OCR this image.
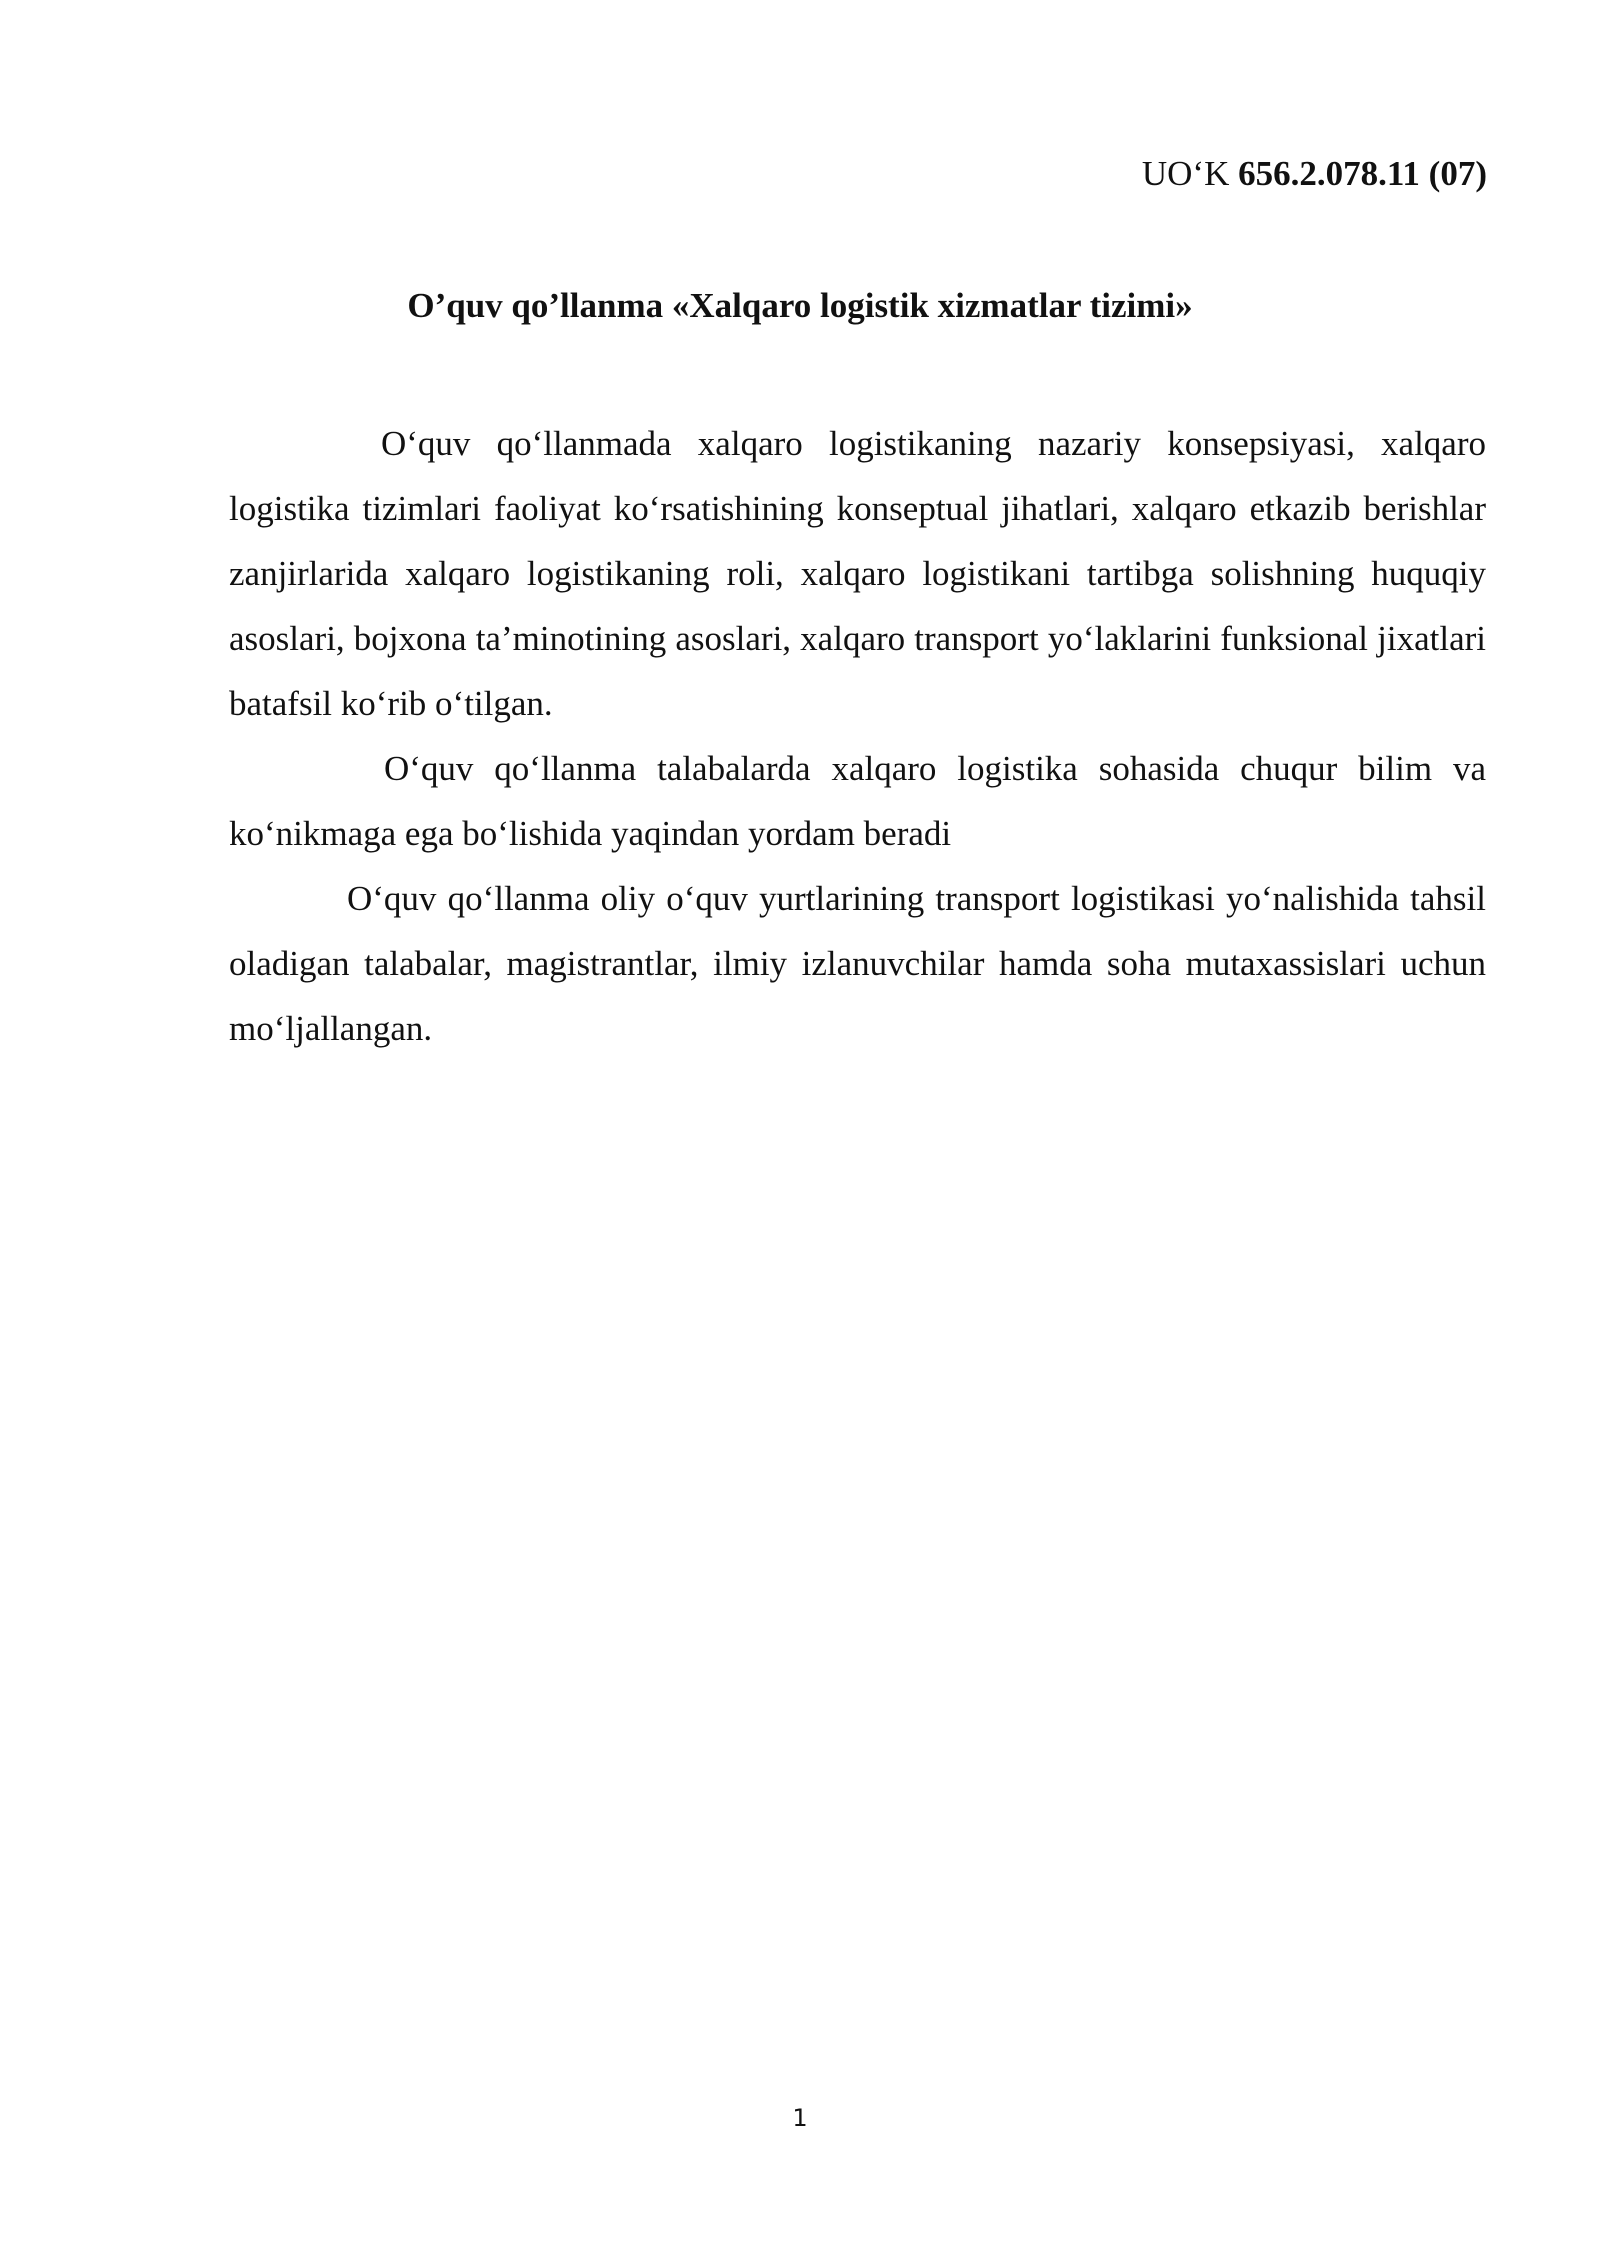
UO‘K 656.2.078.11 (07)
O’quv qo’llanma «Xalqaro logistik xizmatlar tizimi»

O‘quv qo‘llanmada xalqaro logistikaning nazariy konsepsiyasi, xalqaro logistika tizimlari faoliyat ko‘rsatishining konseptual jihatlari, xalqaro etkazib berishlar zanjirlarida xalqaro logistikaning roli, xalqaro logistikani tartibga solishning huquqiy asoslari, bojxona ta’minotining asoslari, xalqaro transport yo‘laklarini funksional jixatlari batafsil ko‘rib o‘tilgan.

O‘quv qo‘llanma talabalarda xalqaro logistika sohasida chuqur bilim va ko‘nikmaga ega bo‘lishida yaqindan yordam beradi

O‘quv qo‘llanma oliy o‘quv yurtlarining transport logistikasi yo‘nalishida tahsil oladigan talabalar, magistrantlar, ilmiy izlanuvchilar hamda soha mutaxassislari uchun mo‘ljallangan.

1
